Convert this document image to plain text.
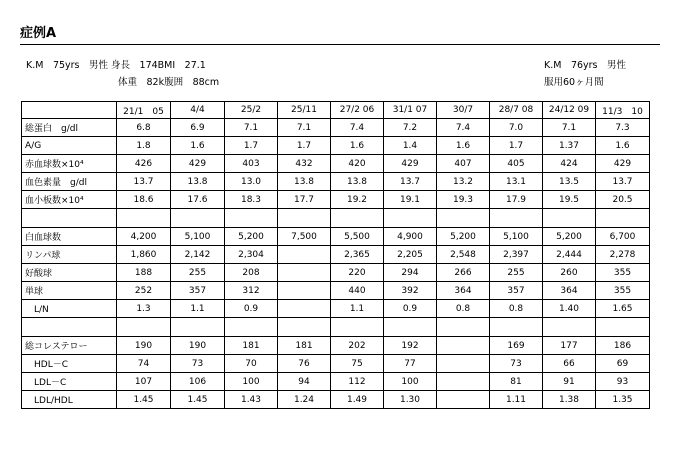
症例A
K.M　75yrs　男性 身長　174BMI　27.1
体重　82k腹囲　88cm
K.M　76yrs　男性
服用60ヶ月間
	21/1　05	4/4	25/2	25/11	27/2 06	31/1 07	30/7	28/7 08	24/12 09	11/3　10
総蛋白　g/dl	6.8	6.9	7.1	7.1	7.4	7.2	7.4	7.0	7.1	7.3
A/G	1.8	1.6	1.7	1.7	1.6	1.4	1.6	1.7	1.37	1.6
赤血球数×10⁴	426	429	403	432	420	429	407	405	424	429
血色素量　g/dl	13.7	13.8	13.0	13.8	13.8	13.7	13.2	13.1	13.5	13.7
血小板数×10⁴	18.6	17.6	18.3	17.7	19.2	19.1	19.3	17.9	19.5	20.5

白血球数	4,200	5,100	5,200	7,500	5,500	4,900	5,200	5,100	5,200	6,700
リンパ球	1,860	2,142	2,304		2,365	2,205	2,548	2,397	2,444	2,278
好酸球	188	255	208		220	294	266	255	260	355
単球	252	357	312		440	392	364	357	364	355
　L/N	1.3	1.1	0.9		1.1	0.9	0.8	0.8	1.40	1.65

総コレステロー	190	190	181	181	202	192		169	177	186
　HDL－C	74	73	70	76	75	77		73	66	69
　LDL－C	107	106	100	94	112	100		81	91	93
　LDL/HDL	1.45	1.45	1.43	1.24	1.49	1.30		1.11	1.38	1.35
